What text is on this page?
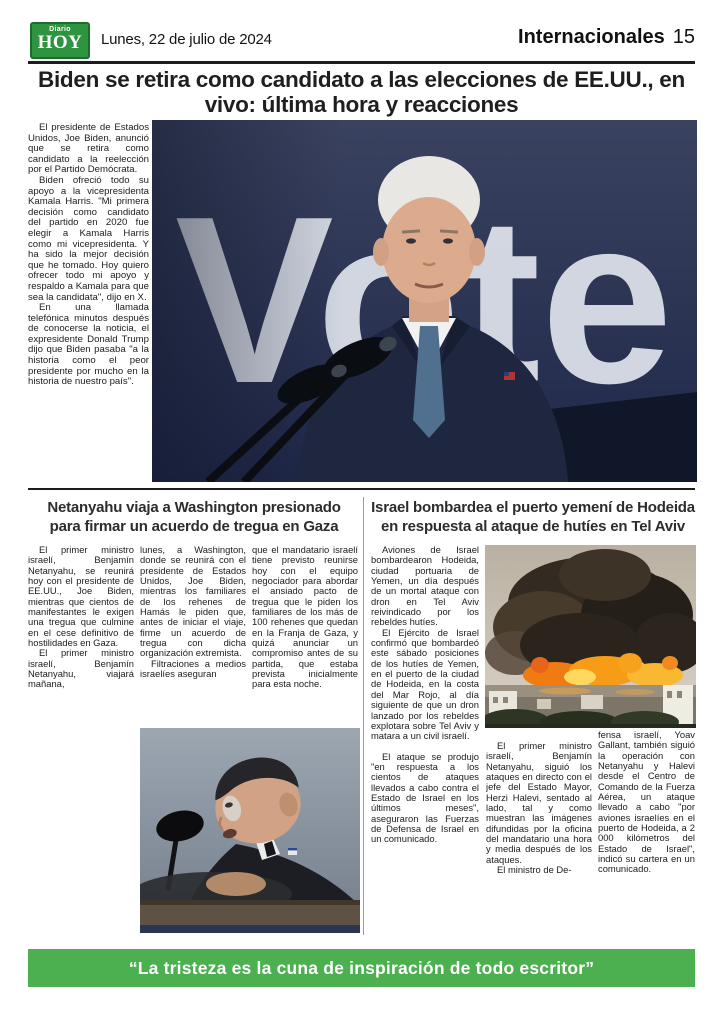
Diario
HOY	Lunes, 22 de julio de 2024	Internacionales 15
Biden se retira como candidato a las elecciones de EE.UU., en vivo: última hora y reacciones

El presidente de Estados Unidos, Joe Biden, anunció que se retira como candidato a la reelección por el Partido Demócrata.

Biden ofreció todo su apoyo a la vicepresidenta Kamala Harris. "Mi primera decisión como candidato del partido en 2020 fue elegir a Kamala Harris como mi vicepresidenta. Y ha sido la mejor decisión que he tomado. Hoy quiero ofrecer todo mi apoyo y respaldo a Kamala para que sea la candidata", dijo en X.

En una llamada telefónica minutos después de conocerse la noticia, el expresidente Donald Trump dijo que Biden pasaba "a la historia como el peor presidente por mucho en la historia de nuestro país".

Netanyahu viaja a Washington presionado para firmar un acuerdo de tregua en Gaza

El primer ministro israelí, Benjamín Netanyahu, se reunirá hoy con el presidente de EE.UU., Joe Biden, mientras que cientos de manifestantes le exigen una tregua que culmine en el cese definitivo de hostilidades en Gaza.

El primer ministro israelí, Benjamín Netanyahu, viajará mañana,

lunes, a Washington, donde se reunirá con el presidente de Estados Unidos, Joe Biden, mientras los familiares de los rehenes de Hamás le piden que, antes de iniciar el viaje, firme un acuerdo de tregua con dicha organización extremista.

Filtraciones a medios israelíes aseguran

que el mandatario israelí tiene previsto reunirse hoy con el equipo negociador para abordar el ansiado pacto de tregua que le piden los familiares de los más de 100 rehenes que quedan en la Franja de Gaza, y quizá anunciar un compromiso antes de su partida, que estaba prevista inicialmente para esta noche.

Israel bombardea el puerto yemení de Hodeida en respuesta al ataque de hutíes en Tel Aviv

Aviones de Israel bombardearon Hodeida, ciudad portuaria de Yemen, un día después de un mortal ataque con dron en Tel Aviv reivindicado por los rebeldes hutíes.

El Ejército de Israel confirmó que bombardeó este sábado posiciones de los hutíes de Yemen, en el puerto de la ciudad de Hodeida, en la costa del Mar Rojo, al día siguiente de que un dron lanzado por los rebeldes explotara sobre Tel Aviv y matara a un civil israelí.

El ataque se produjo "en respuesta a los cientos de ataques llevados a cabo contra el Estado de Israel en los últimos meses", aseguraron las Fuerzas de Defensa de Israel en un comunicado.

El primer ministro israelí, Benjamín Netanyahu, siguió los ataques en directo con el jefe del Estado Mayor, Herzi Halevi, sentado al lado, tal y como muestran las imágenes difundidas por la oficina del mandatario una hora y media después de los ataques.

El ministro de De-

fensa israelí, Yoav Gallant, también siguió la operación con Netanyahu y Halevi desde el Centro de Comando de la Fuerza Aérea, un ataque llevado a cabo "por aviones israelíes en el puerto de Hodeida, a 2 000 kilómetros del Estado de Israel", indicó su cartera en un comunicado.

“La tristeza es la cuna de inspiración de todo escritor”
